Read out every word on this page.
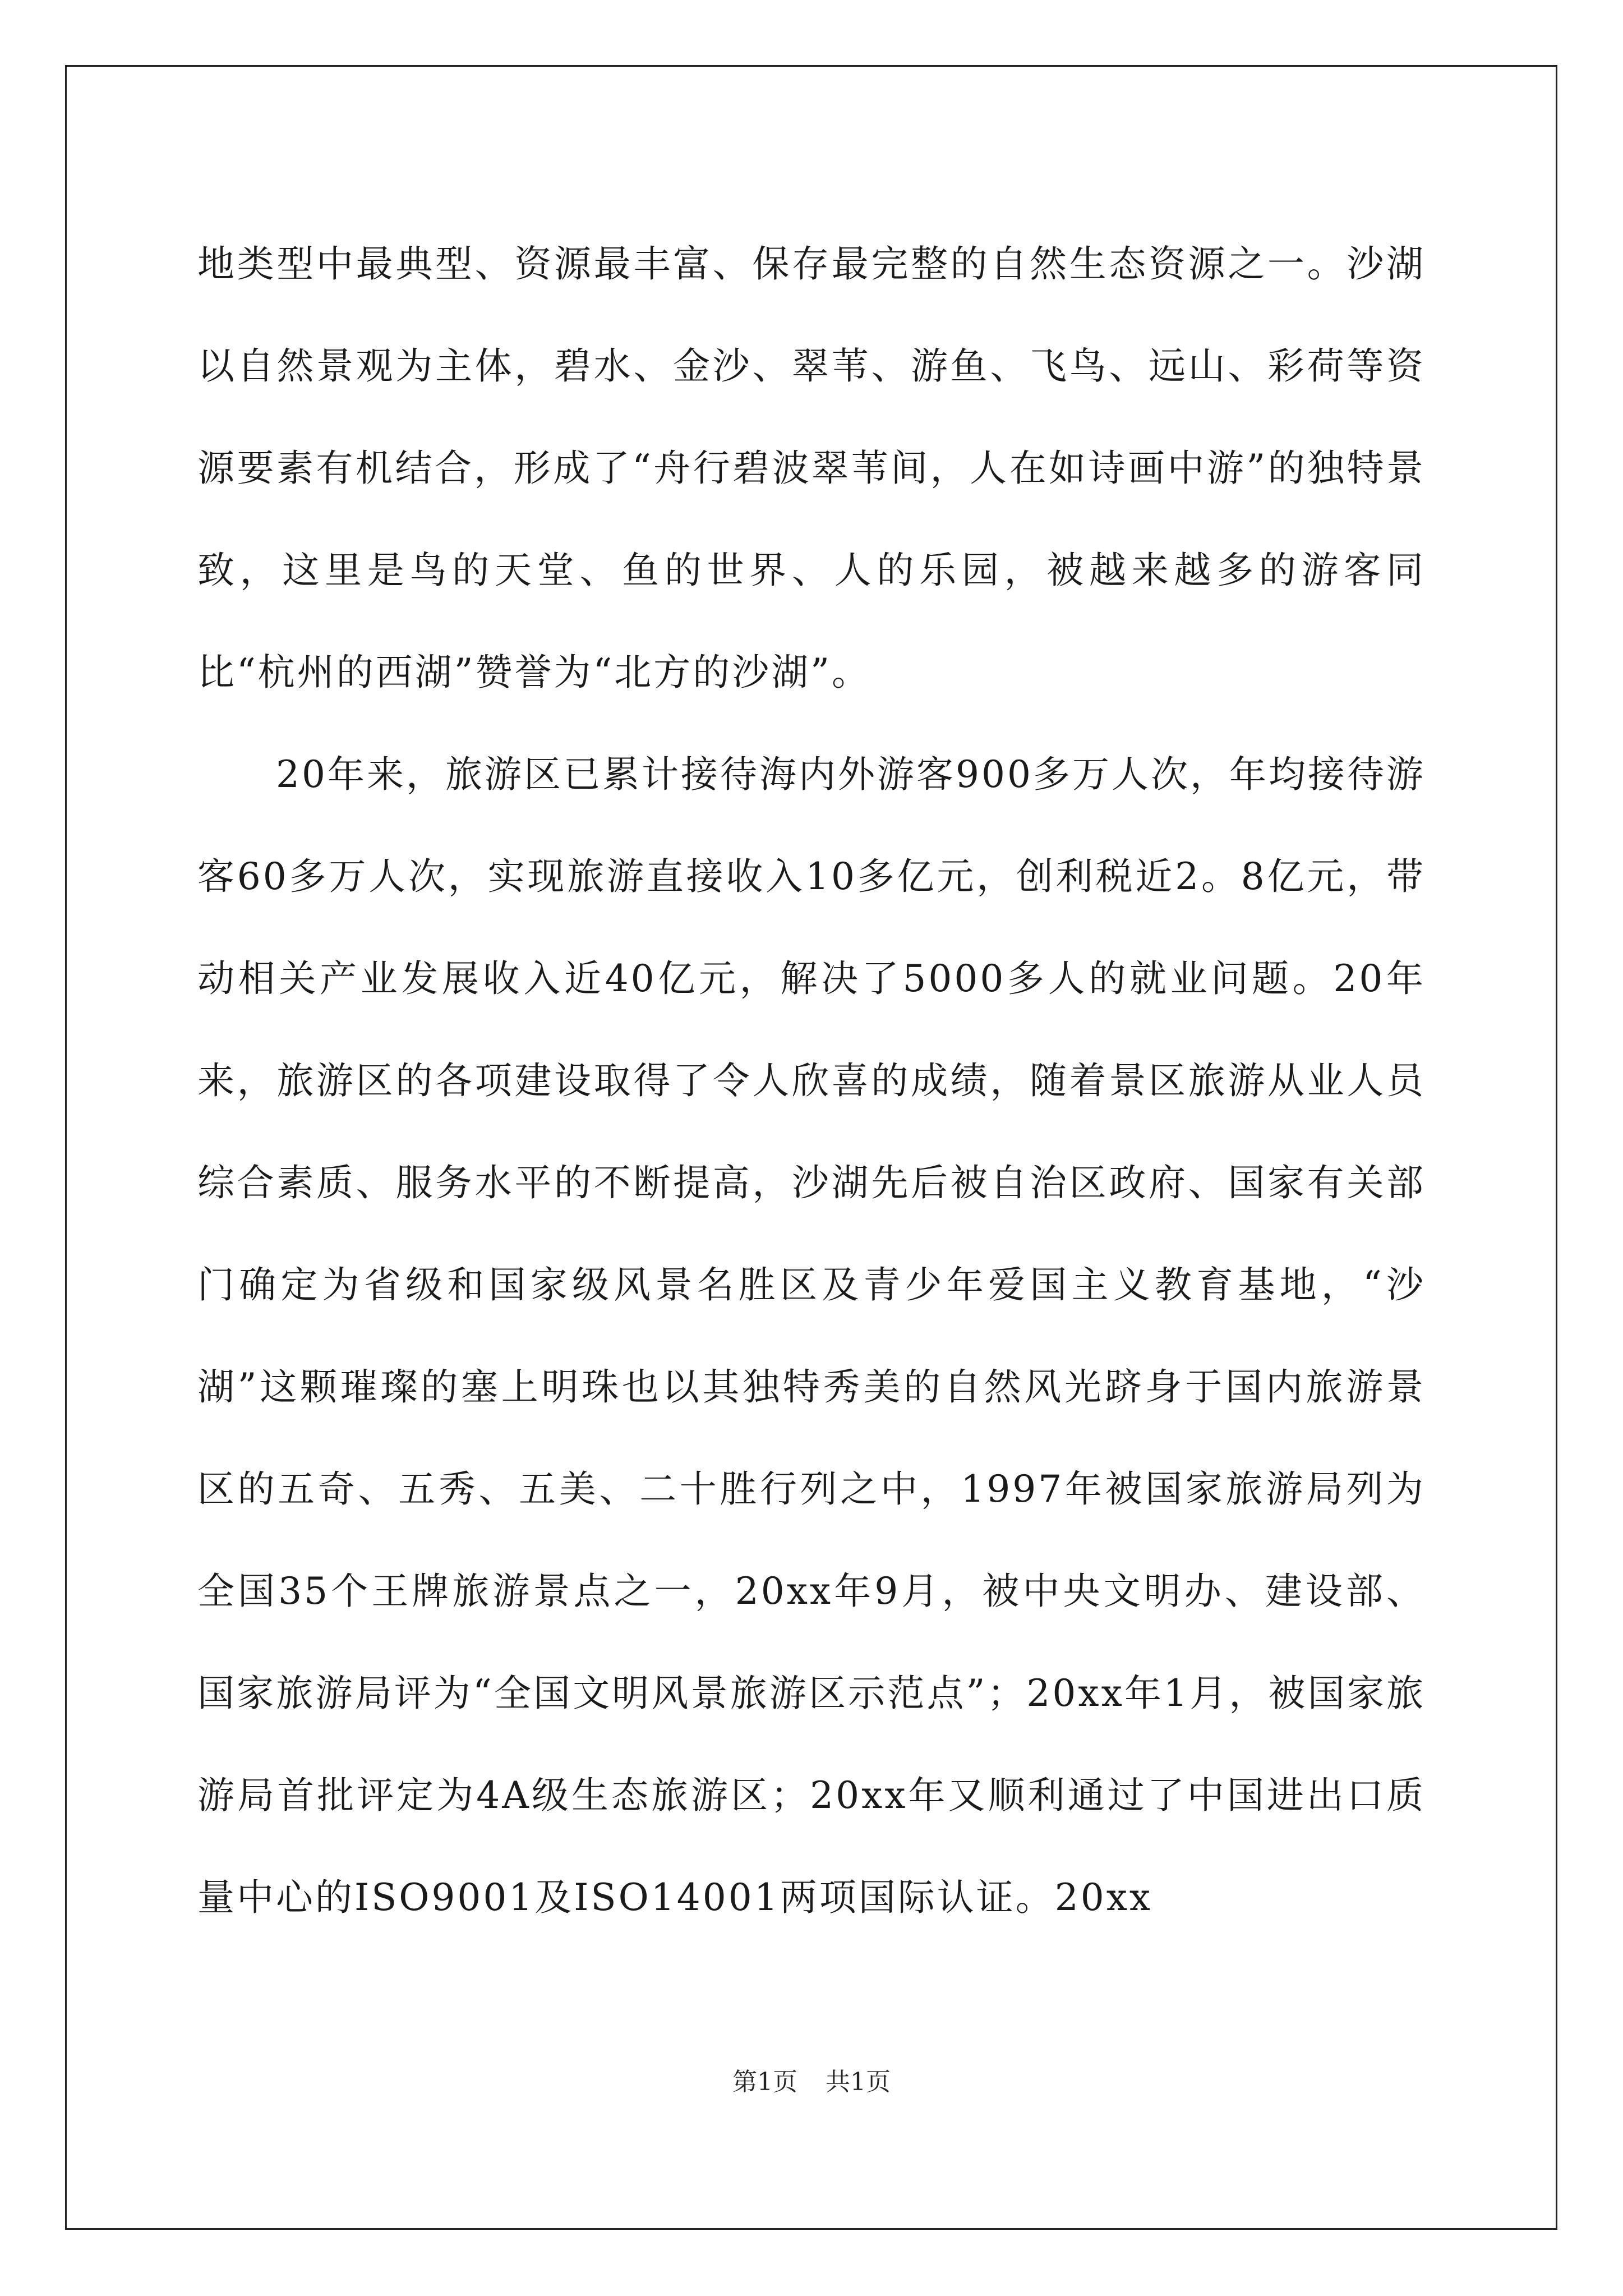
地类型中最典型、资源最丰富、保存最完整的自然生态资源之一。沙湖以自然景观为主体，碧水、金沙、翠苇、游鱼、飞鸟、远山、彩荷等资源要素有机结合，形成了“舟行碧波翠苇间，人在如诗画中游”的独特景致，这里是鸟的天堂、鱼的世界、人的乐园，被越来越多的游客同比“杭州的西湖”赞誉为“北方的沙湖”。

20年来，旅游区已累计接待海内外游客900多万人次，年均接待游客60多万人次，实现旅游直接收入10多亿元，创利税近2。8亿元，带动相关产业发展收入近40亿元，解决了5000多人的就业问题。20年来，旅游区的各项建设取得了令人欣喜的成绩，随着景区旅游从业人员综合素质、服务水平的不断提高，沙湖先后被自治区政府、国家有关部门确定为省级和国家级风景名胜区及青少年爱国主义教育基地，“沙湖”这颗璀璨的塞上明珠也以其独特秀美的自然风光跻身于国内旅游景区的五奇、五秀、五美、二十胜行列之中，1997年被国家旅游局列为全国35个王牌旅游景点之一，20xx年9月，被中央文明办、建设部、国家旅游局评为“全国文明风景旅游区示范点”；20xx年1月，被国家旅游局首批评定为4A级生态旅游区；20xx年又顺利通过了中国进出口质量中心的ISO9001及ISO14001两项国际认证。20xx

第1页 共1页
